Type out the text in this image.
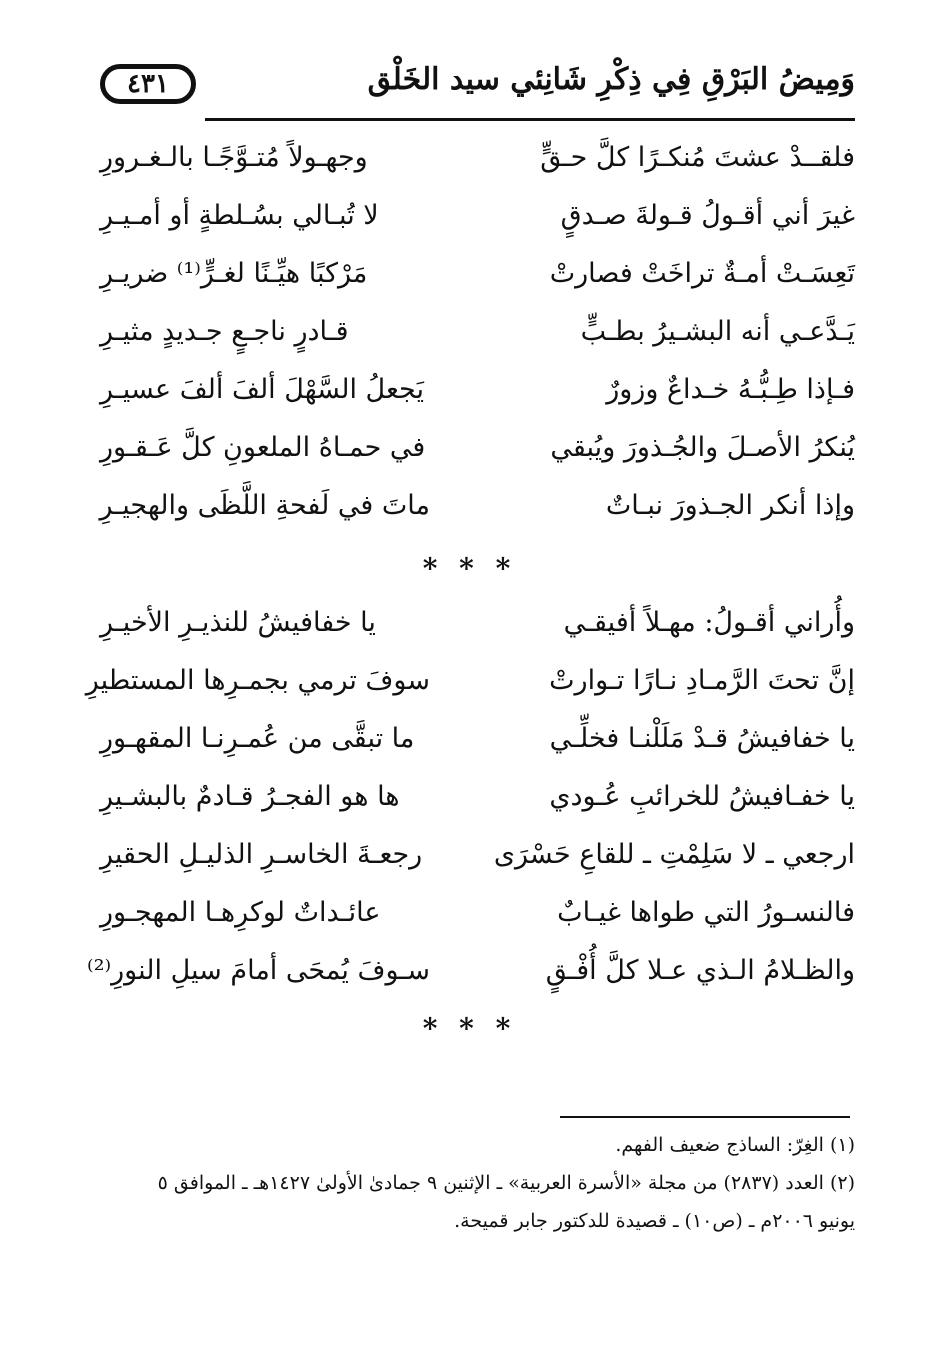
٤٣١	وَمِيضُ البَرْقِ فِي ذِكْرِ شَانِئي سيد الخَلْق
فلقــدْ عشتَ مُنكـرًا كلَّ حـقٍّ
وجهـولاً مُتـوَّجًـا بالـغـرورِ
غيرَ أني أقـولُ قـولةَ صـدقٍ
لا تُبـالي بسُـلطةٍ أو أمـيـرِ
تَعِسَـتْ أمـةٌ تراخَتْ فصارتْ
مَرْكبًا هيِّـنًا لغـرٍّ⁽¹⁾ ضريـرِ
يَـدَّعـي أنه البشـيرُ بطـبٍّ
قـادرٍ ناجـعٍ جـديدٍ مثيـرِ
فـإذا طِـبُّـهُ خـداعٌ وزورٌ
يَجعلُ السَّهْلَ ألفَ ألفَ عسيـرِ
يُنكرُ الأصـلَ والجُـذورَ ويُبقي
في حمـاهُ الملعونِ كلَّ عَـقـورِ
وإذا أنكر الجـذورَ نبـاتٌ
ماتَ في لَفحةِ اللَّظَى والهجيـرِ
* * *
وأُراني أقـولُ: مهـلاً أفيقـي
يا خفافيشُ للنذيـرِ الأخيـرِ
إنَّ تحتَ الرَّمـادِ نـارًا تـوارتْ
سوفَ ترمي بجمـرِها المستطيرِ
يا خفافيشُ قـدْ مَلَلْنـا فخلِّـي
ما تبقَّى من عُمـرِنـا المقهـورِ
يا خفـافيشُ للخرائبِ عُـودي
ها هو الفجـرُ قـادمٌ بالبشـيرِ
ارجعي ـ لا سَلِمْتِ ـ للقاعِ حَسْرَى
رجعـةَ الخاسـرِ الذليـلِ الحقيرِ
فالنسـورُ التي طواها غيـابٌ
عائـداتٌ لوكرِهـا المهجـورِ
والظـلامُ الـذي عـلا كلَّ أُفْـقٍ
سـوفَ يُمحَى أمامَ سيلِ النورِ⁽²⁾
* * *

(١) الغِرّ: الساذج ضعيف الفهم.

(٢) العدد (٢٨٣٧) من مجلة «الأسرة العربية» ـ الإثنين ٩ جمادىٰ الأولىٰ ١٤٢٧هـ ـ الموافق ٥

يونيو ٢٠٠٦م ـ (ص١٠) ـ قصيدة للدكتور جابر قميحة.
